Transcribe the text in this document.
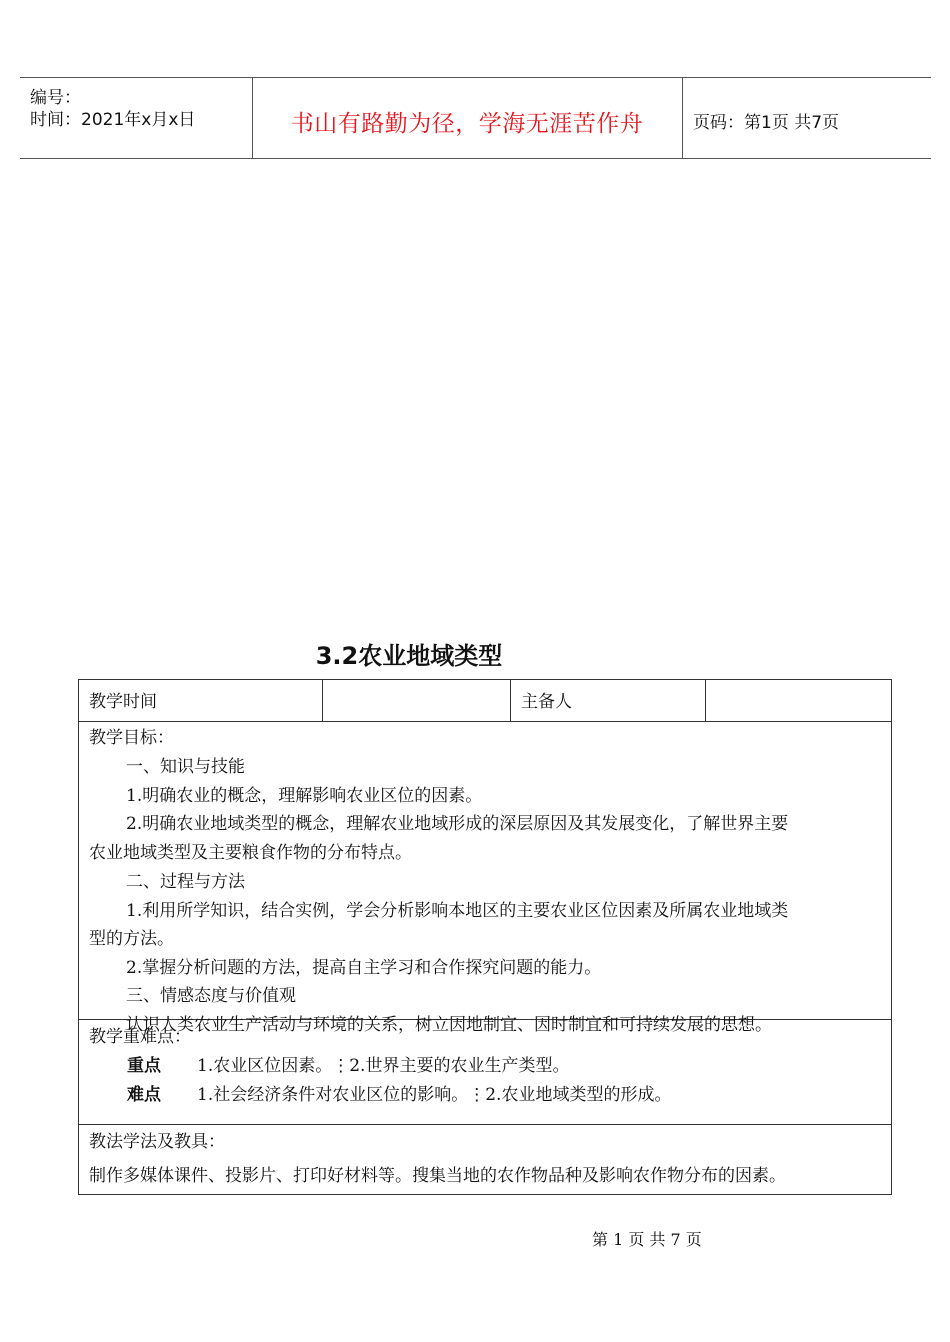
编号：
时间：2021年x月x日	书山有路勤为径，学海无涯苦作舟	页码：第1页 共7页
3.2农业地域类型
教学时间	主备人
教学目标：
一、知识与技能
1.明确农业的概念，理解影响农业区位的因素。
2.明确农业地域类型的概念，理解农业地域形成的深层原因及其发展变化，了解世界主要
农业地域类型及主要粮食作物的分布特点。
二、过程与方法
1.利用所学知识，结合实例，学会分析影响本地区的主要农业区位因素及所属农业地域类
型的方法。
2.掌握分析问题的方法，提高自主学习和合作探究问题的能力。
三、情感态度与价值观
认识人类农业生产活动与环境的关系，树立因地制宜、因时制宜和可持续发展的思想。
教学重难点：
重点 1.农业区位因素。⋮2.世界主要的农业生产类型。
难点 1.社会经济条件对农业区位的影响。⋮2.农业地域类型的形成。
教法学法及教具：
制作多媒体课件、投影片、打印好材料等。搜集当地的农作物品种及影响农作物分布的因素。
第 1 页 共 7 页
